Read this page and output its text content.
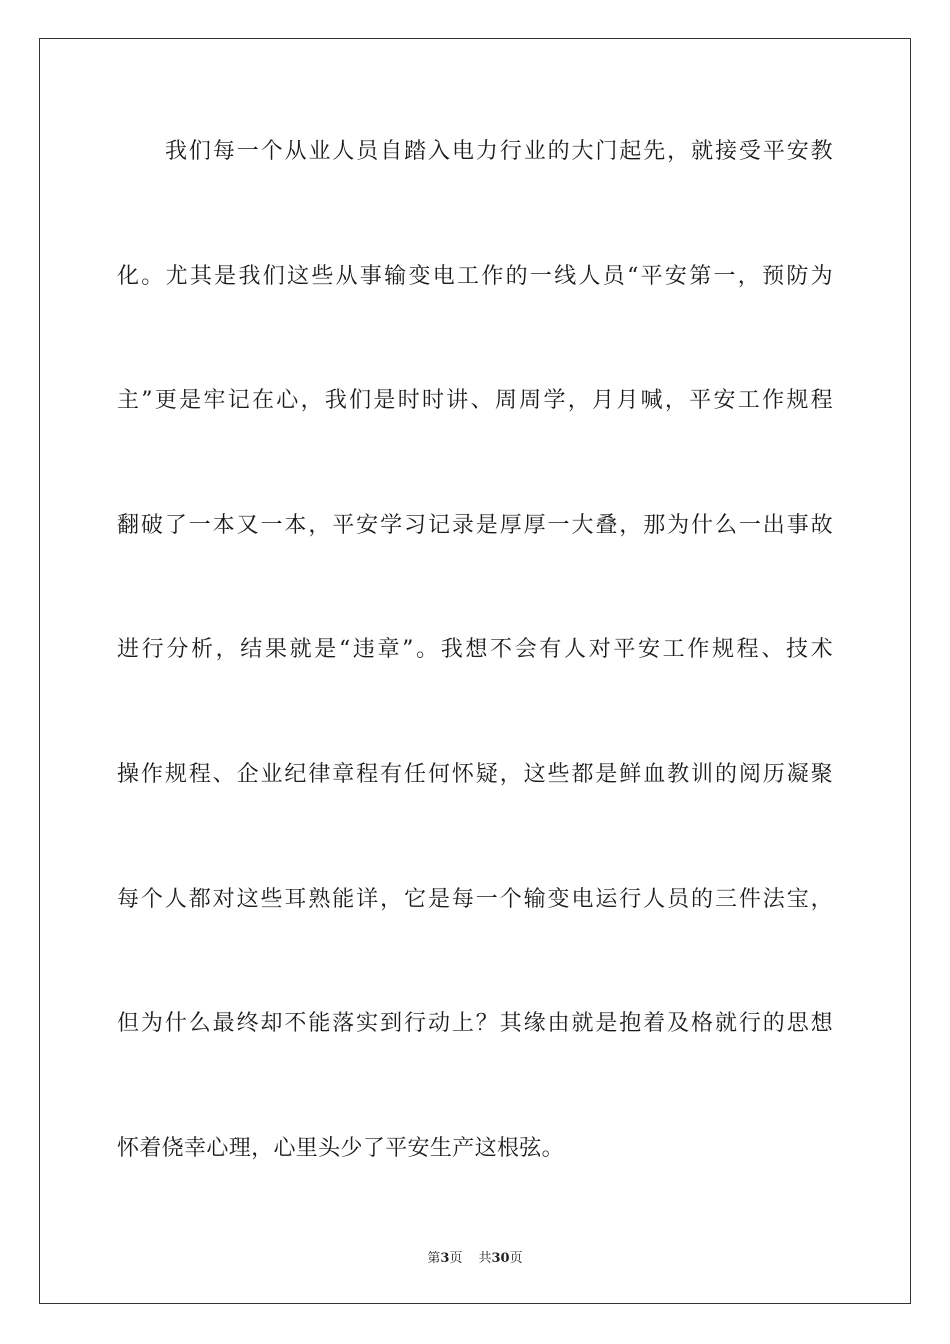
我们每一个从业人员自踏入电力行业的大门起先，就接受平安教
化。尤其是我们这些从事输变电工作的一线人员“平安第一，预防为
主”更是牢记在心，我们是时时讲、周周学，月月喊，平安工作规程
翻破了一本又一本，平安学习记录是厚厚一大叠，那为什么一出事故
进行分析，结果就是“违章”。我想不会有人对平安工作规程、技术
操作规程、企业纪律章程有任何怀疑，这些都是鲜血教训的阅历凝聚
每个人都对这些耳熟能详，它是每一个输变电运行人员的三件法宝，
但为什么最终却不能落实到行动上？其缘由就是抱着及格就行的思想
怀着侥幸心理，心里头少了平安生产这根弦。
第3页 共30页
